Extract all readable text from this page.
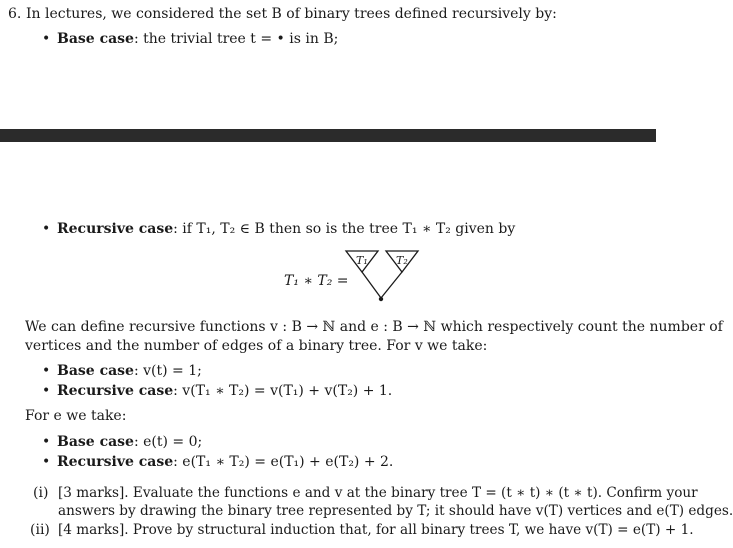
6. In lectures, we considered the set B of binary trees defined recursively by:
• Base case: the trivial tree t = • is in B;
• Recursive case: if T₁, T₂ ∈ B then so is the tree T₁ ∗ T₂ given by
T₁ ∗ T₂ =
T₁	T₂
We can define recursive functions v : B → ℕ and e : B → ℕ which respectively count the number of
vertices and the number of edges of a binary tree. For v we take:
• Base case: v(t) = 1;
• Recursive case: v(T₁ ∗ T₂) = v(T₁) + v(T₂) + 1.
For e we take:
• Base case: e(t) = 0;
• Recursive case: e(T₁ ∗ T₂) = e(T₁) + e(T₂) + 2.
(i) [3 marks]. Evaluate the functions e and v at the binary tree T = (t ∗ t) ∗ (t ∗ t). Confirm your
answers by drawing the binary tree represented by T; it should have v(T) vertices and e(T) edges.
(ii) [4 marks]. Prove by structural induction that, for all binary trees T, we have v(T) = e(T) + 1.
